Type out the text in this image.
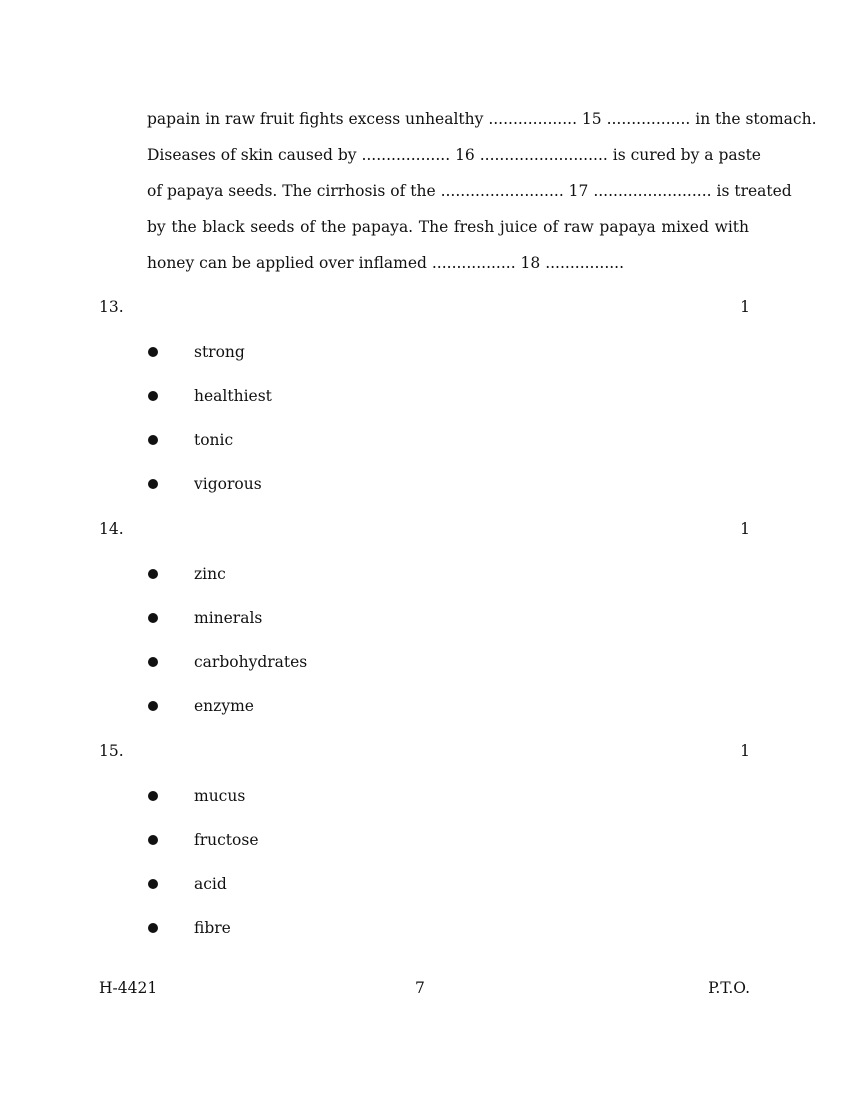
papain in raw fruit fights excess unhealthy .................. 15 ................. in the stomach.
Diseases of skin caused by .................. 16 .......................... is cured by a paste
of papaya seeds. The cirrhosis of the ......................... 17 ........................ is treated
by the black seeds of the papaya. The fresh juice of raw papaya mixed with
honey can be applied over inflamed ................. 18 ................
13.	1
strong
healthiest
tonic
vigorous
14.	1
zinc
minerals
carbohydrates
enzyme
15.	1
mucus
fructose
acid
fibre
H-4421	7	P.T.O.
